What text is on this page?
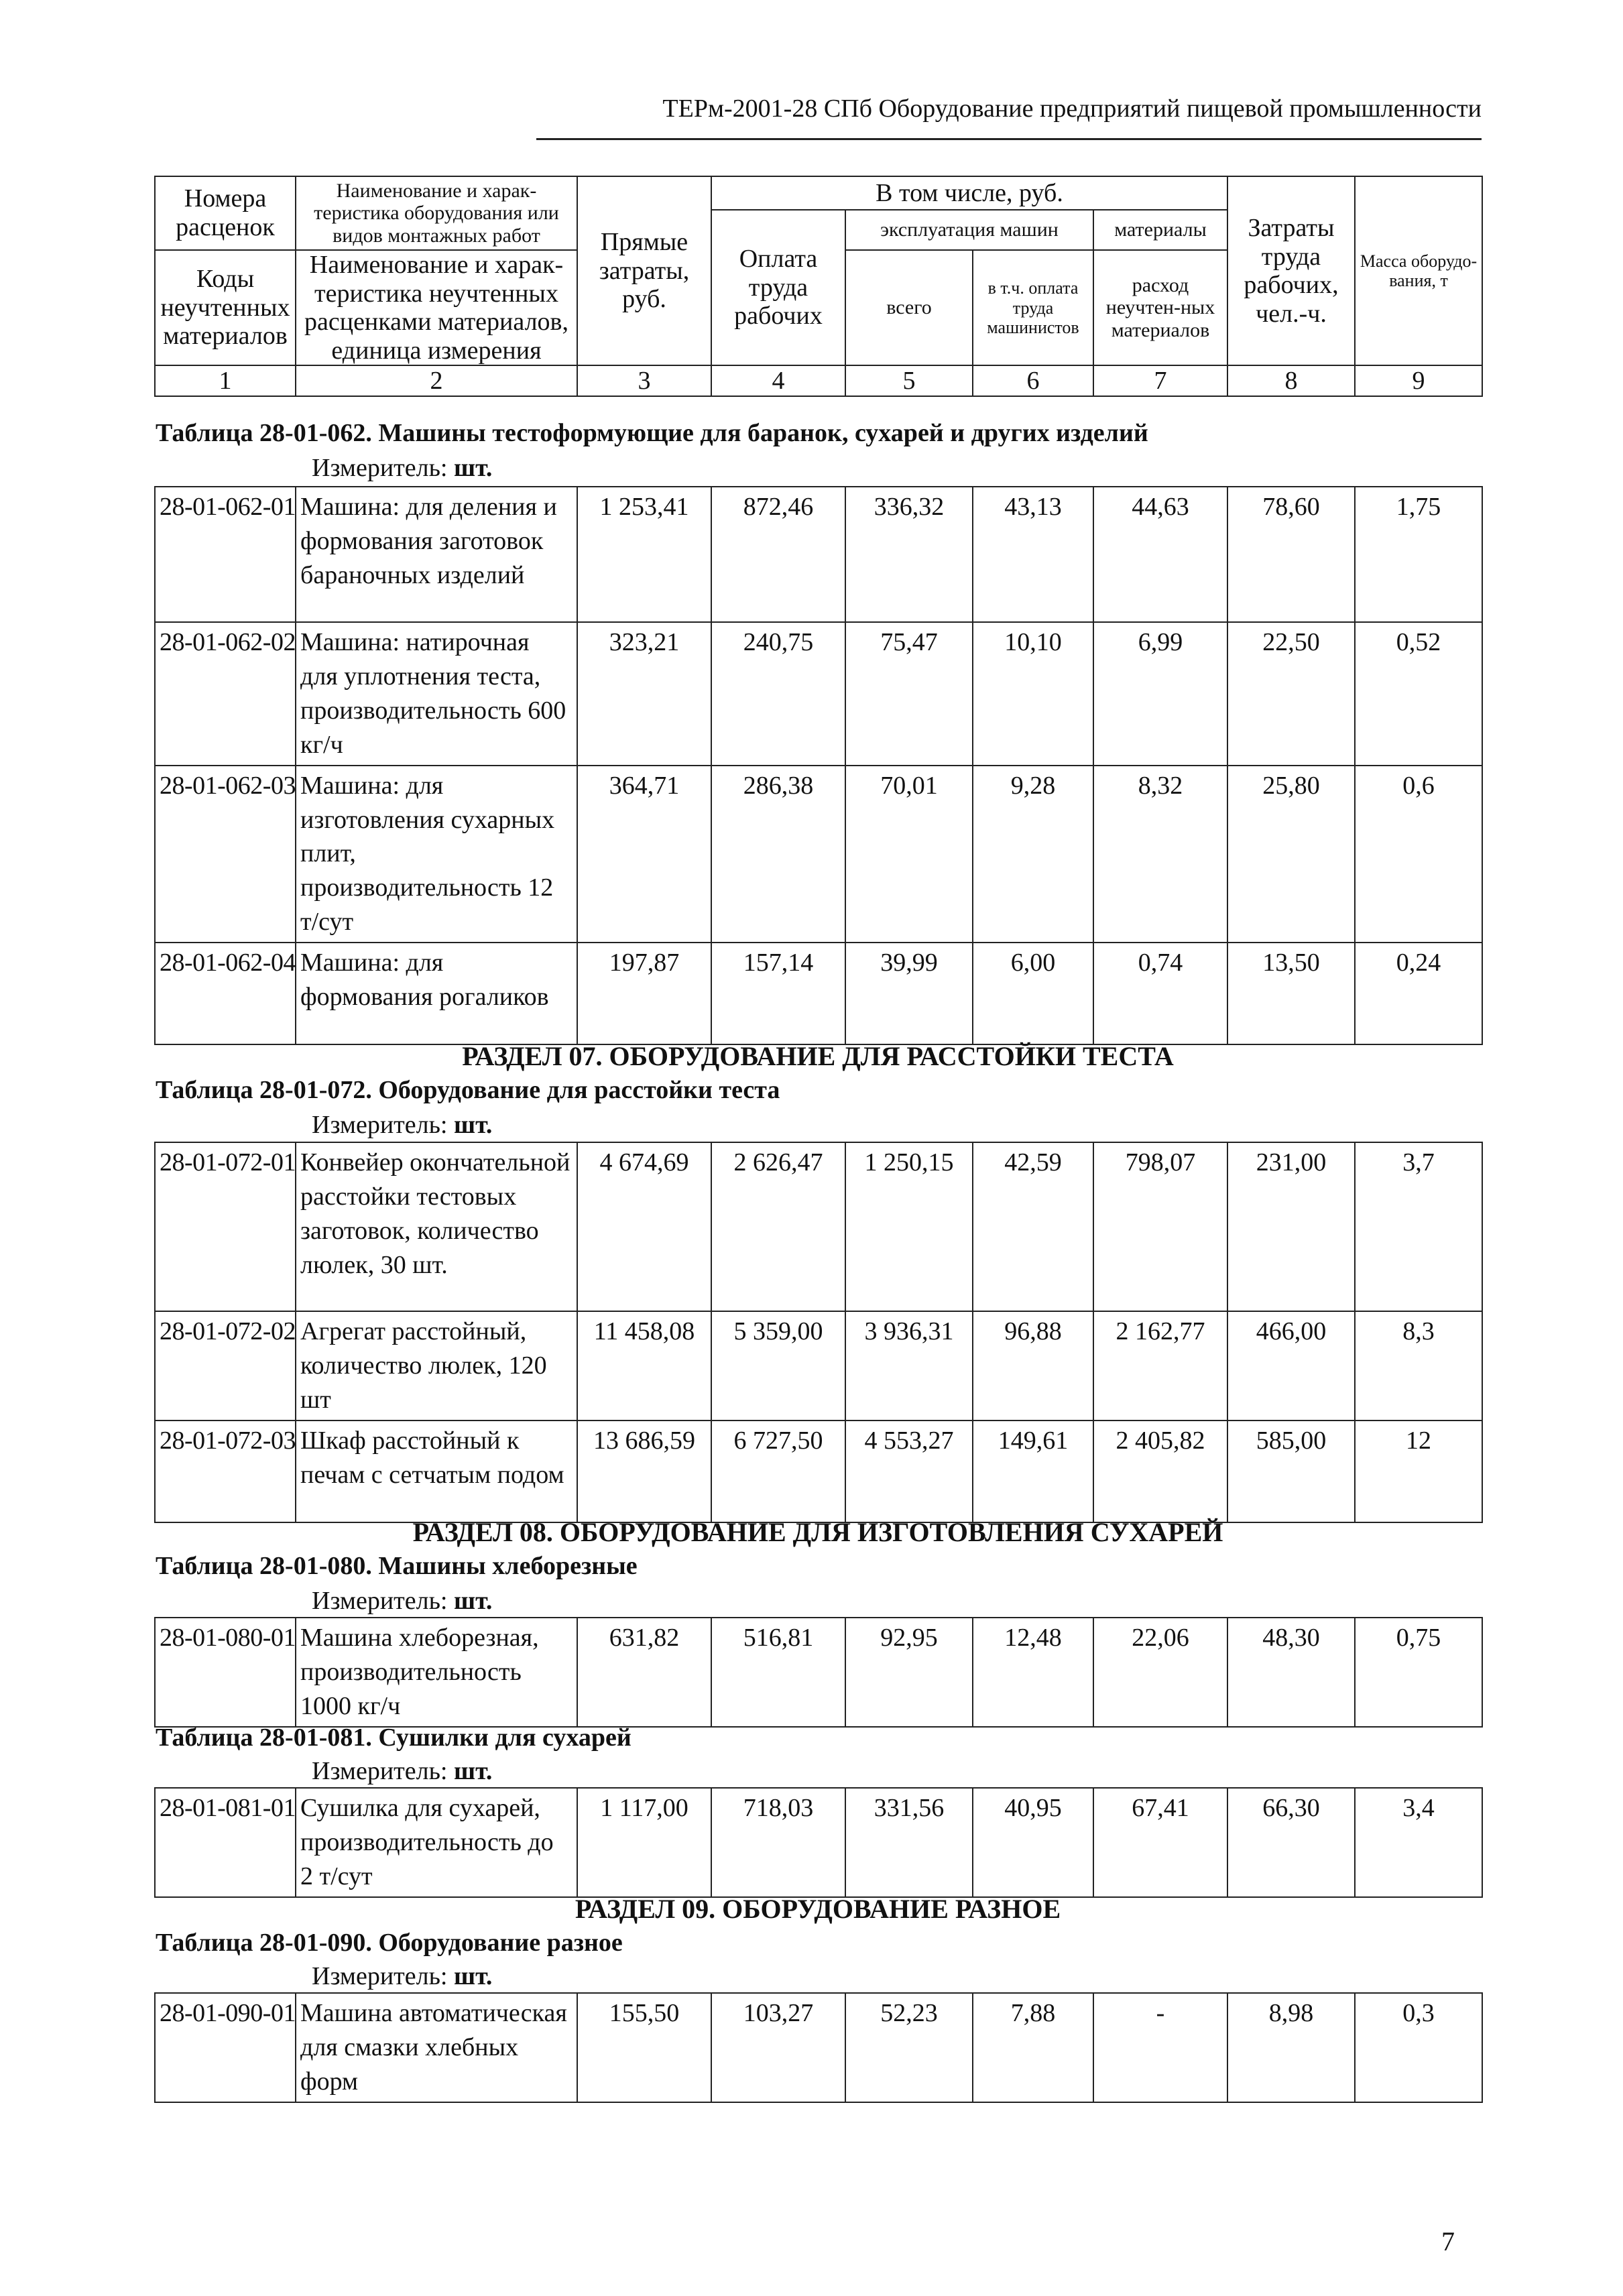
ТЕРм-2001-28 СПб Оборудование предприятий пищевой промышленности
Номера расценок	Наименование и харак-теристика оборудования или видов монтажных работ	Прямые затраты, руб.	В том числе, руб.				Затраты труда рабочих, чел.-ч.	Масса оборудо-вания, т
			Оплата труда рабочих	эксплуатация машин		материалы		
Коды неучтенных материалов	Наименование и харак-теристика неучтенных расценками материалов, единица измерения			всего	в т.ч. оплата труда машинистов	расход неучтен-ных материалов		

1	2	3	4	5	6	7	8	9
Таблица 28-01-062. Машины тестоформующие для баранок, сухарей и других изделий
Измеритель: шт.
28-01-062-01	Машина: для деления и формования заготовок бараночных изделий	1 253,41	872,46	336,32	43,13	44,63	78,60	1,75
28-01-062-02	Машина: натирочная для уплотнения теста, производительность 600 кг/ч	323,21	240,75	75,47	10,10	6,99	22,50	0,52
28-01-062-03	Машина: для изготовления сухарных плит, производительность 12 т/сут	364,71	286,38	70,01	9,28	8,32	25,80	0,6
28-01-062-04	Машина: для формования рогаликов	197,87	157,14	39,99	6,00	0,74	13,50	0,24
РАЗДЕЛ 07. ОБОРУДОВАНИЕ ДЛЯ РАССТОЙКИ ТЕСТА
Таблица 28-01-072. Оборудование для расстойки теста
Измеритель: шт.
28-01-072-01	Конвейер окончательной расстойки тестовых заготовок, количество люлек, 30 шт.	4 674,69	2 626,47	1 250,15	42,59	798,07	231,00	3,7
28-01-072-02	Агрегат расстойный, количество люлек, 120 шт	11 458,08	5 359,00	3 936,31	96,88	2 162,77	466,00	8,3
28-01-072-03	Шкаф расстойный к печам с сетчатым подом	13 686,59	6 727,50	4 553,27	149,61	2 405,82	585,00	12
РАЗДЕЛ 08. ОБОРУДОВАНИЕ ДЛЯ ИЗГОТОВЛЕНИЯ СУХАРЕЙ
Таблица 28-01-080. Машины хлеборезные
Измеритель: шт.
28-01-080-01	Машина хлеборезная, производительность 1000 кг/ч	631,82	516,81	92,95	12,48	22,06	48,30	0,75
Таблица 28-01-081. Сушилки для сухарей
Измеритель: шт.
28-01-081-01	Сушилка для сухарей, производительность до 2 т/сут	1 117,00	718,03	331,56	40,95	67,41	66,30	3,4
РАЗДЕЛ 09. ОБОРУДОВАНИЕ РАЗНОЕ
Таблица 28-01-090. Оборудование разное
Измеритель: шт.
28-01-090-01	Машина автоматическая для смазки хлебных форм	155,50	103,27	52,23	7,88	-	8,98	0,3
7
